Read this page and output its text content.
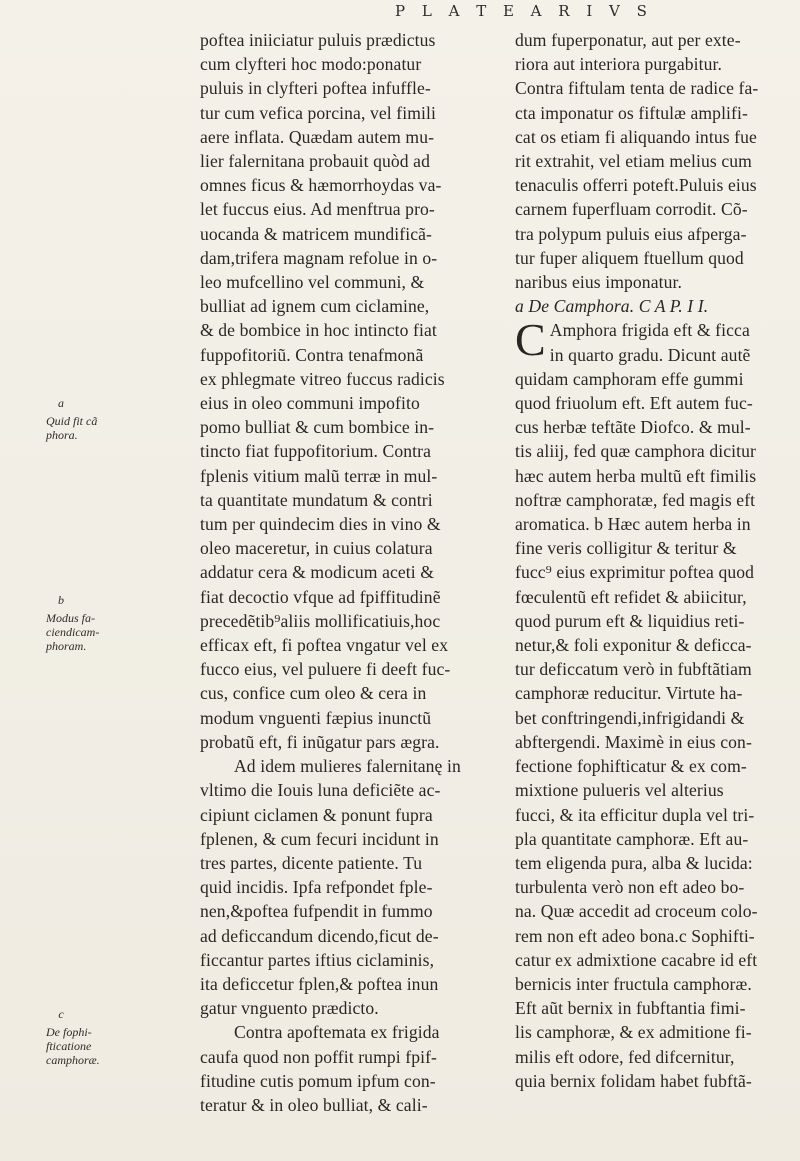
P L A T E A R I V S
a
Quid fit cã phora.
b
Modus fa-ciendicam-phoram.
c
De fophi-fticatione camphoræ.
poftea iniiciatur puluis prædictus
cum clyfteri hoc modo:ponatur
puluis in clyfteri poftea infuffle-
tur cum vefica porcina, vel fimili
aere inflata. Quædam autem mu-
lier falernitana probauit quòd ad
omnes ficus & hæmorrhoydas va-
let fuccus eius. Ad menftrua pro-
uocanda & matricem mundificã-
dam,trifera magnam refolue in o-
leo mufcellino vel communi, &
bulliat ad ignem cum ciclamine,
& de bombice in hoc intincto fiat
fuppofitoriũ. Contra tenafmonã
ex phlegmate vitreo fuccus radicis
eius in oleo communi impofito
pomo bulliat & cum bombice in-
tincto fiat fuppofitorium. Contra
fplenis vitium malũ terræ in mul-
ta quantitate mundatum & contri
tum per quindecim dies in vino &
oleo maceretur, in cuius colatura
addatur cera & modicum aceti &
fiat decoctio vfque ad fpiffitudinẽ
precedẽtib⁹aliis mollificatiuis,hoc
efficax eft, fi poftea vngatur vel ex
fucco eius, vel puluere fi deeft fuc-
cus, confice cum oleo & cera in
modum vnguenti fæpius inunctũ
probatũ eft, fi inũgatur pars ægra.
Ad idem mulieres falernitanę in
vltimo die Iouis luna deficiẽte ac-
cipiunt ciclamen & ponunt fupra
fplenen, & cum fecuri incidunt in
tres partes, dicente patiente. Tu
quid incidis. Ipfa refpondet fple-
nen,&poftea fufpendit in fummo
ad deficcandum dicendo,ficut de-
ficcantur partes iftius ciclaminis,
ita deficcetur fplen,& poftea inun
gatur vnguento prædicto.
Contra apoftemata ex frigida
caufa quod non poffit rumpi fpif-
fitudine cutis pomum ipfum con-
teratur & in oleo bulliat, & cali-
dum fuperponatur, aut per exte-
riora aut interiora purgabitur.
Contra fiftulam tenta de radice fa-
cta imponatur os fiftulæ amplifi-
cat os etiam fi aliquando intus fue
rit extrahit, vel etiam melius cum
tenaculis offerri poteft.Puluis eius
carnem fuperfluam corrodit. Cõ-
tra polypum puluis eius afperga-
tur fuper aliquem ftuellum quod
naribus eius imponatur.
a De Camphora. C A P. I I.
C Amphora frigida eft & ficca
in quarto gradu. Dicunt autẽ
quidam camphoram effe gummi
quod friuolum eft. Eft autem fuc-
cus herbæ teftãte Diofco. & mul-
tis aliij, fed quæ camphora dicitur
hæc autem herba multũ eft fimilis
noftræ camphoratæ, fed magis eft
aromatica. b Hæc autem herba in
fine veris colligitur & teritur &
fucc⁹ eius exprimitur poftea quod
fœculentũ eft refidet & abiicitur,
quod purum eft & liquidius reti-
netur,& foli exponitur & deficca-
tur deficcatum verò in fubftãtiam
camphoræ reducitur. Virtute ha-
bet conftringendi,infrigidandi &
abftergendi. Maximè in eius con-
fectione fophifticatur & ex com-
mixtione pulueris vel alterius
fucci, & ita efficitur dupla vel tri-
pla quantitate camphoræ. Eft au-
tem eligenda pura, alba & lucida:
turbulenta verò non eft adeo bo-
na. Quæ accedit ad croceum colo-
rem non eft adeo bona.c Sophifti-
catur ex admixtione cacabre id eft
bernicis inter fructula camphoræ.
Eft aũt bernix in fubftantia fimi-
lis camphoræ, & ex admitione fi-
milis eft odore, fed difcernitur,
quia bernix folidam habet fubftã-
